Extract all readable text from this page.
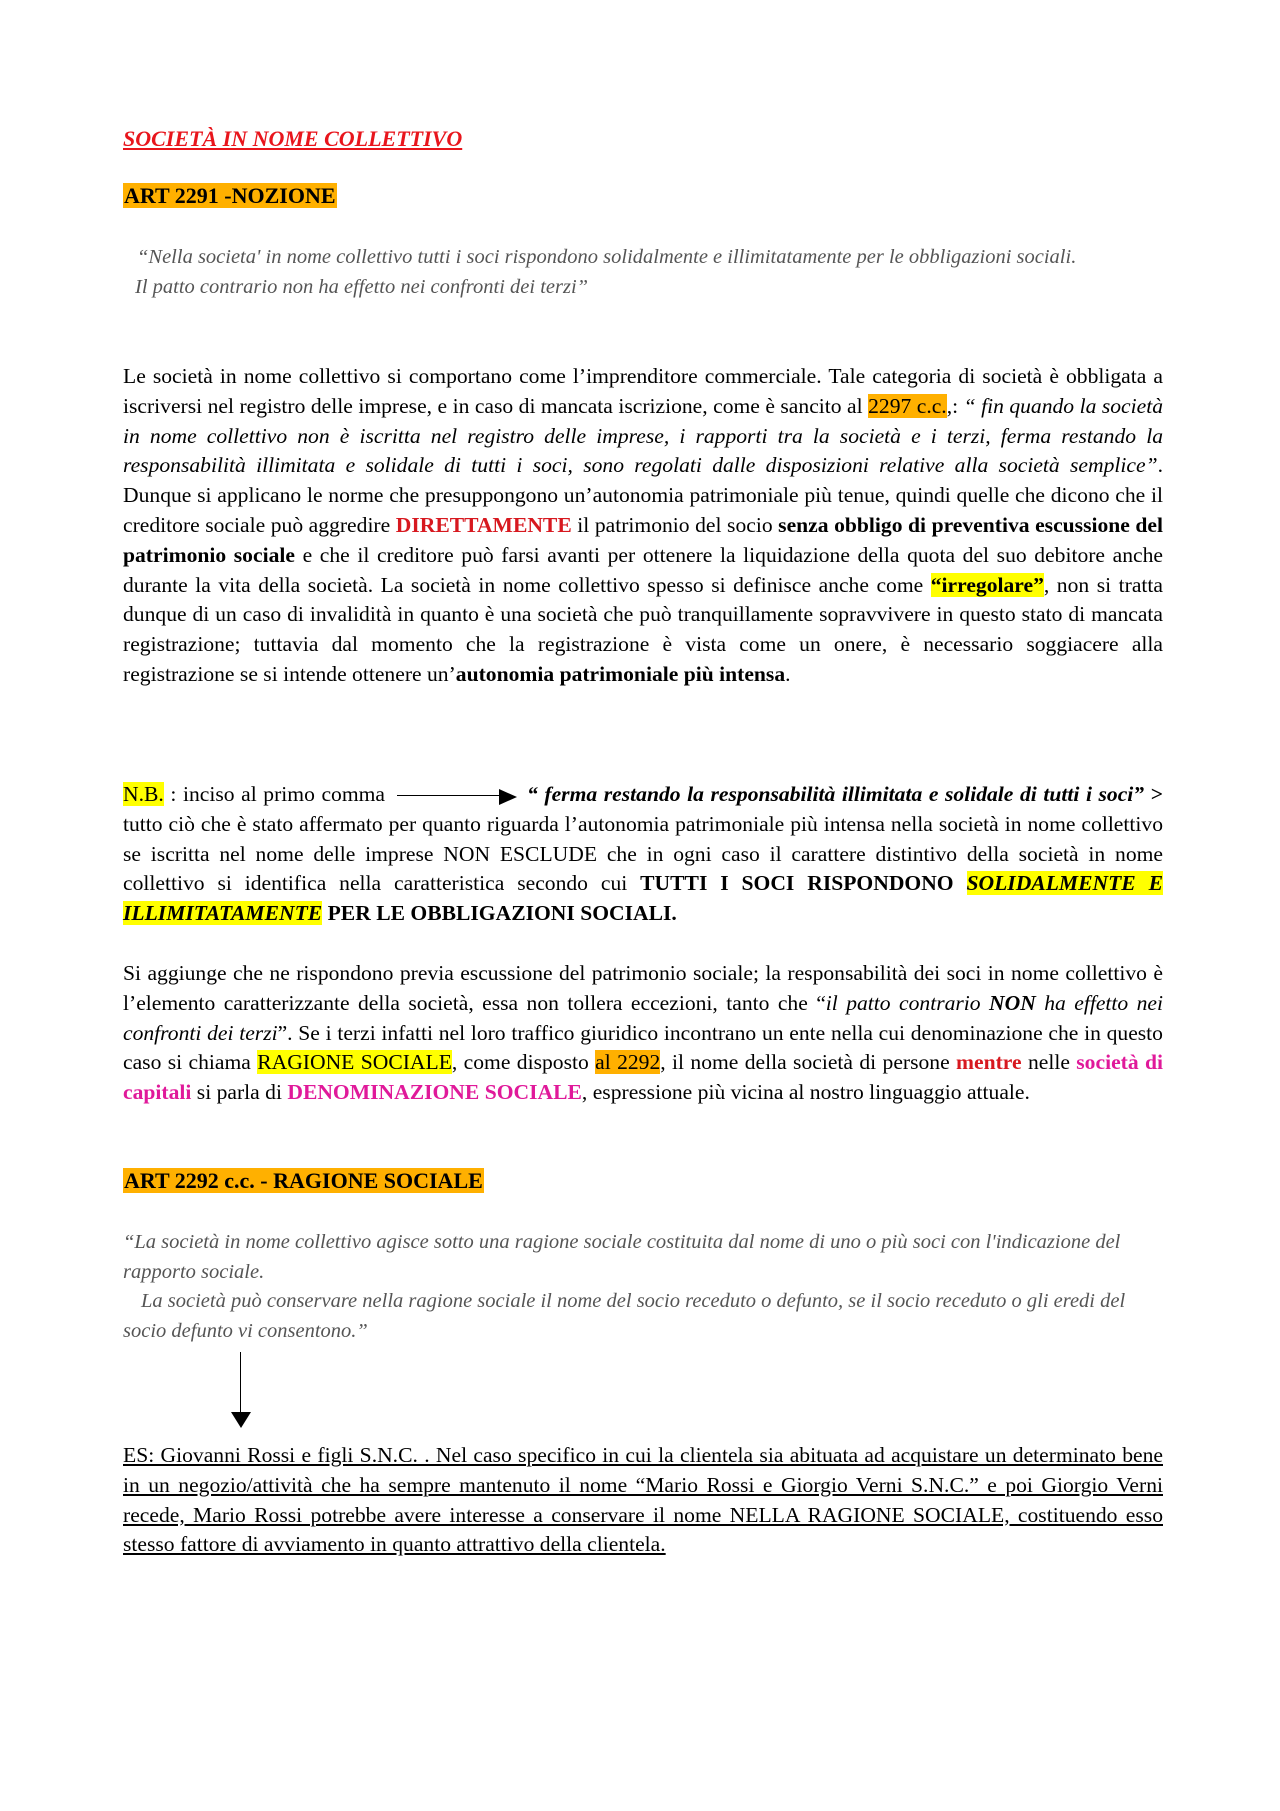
SOCIETÀ IN NOME COLLETTIVO

ART 2291 -NOZIONE

“Nella societa' in nome collettivo tutti i soci rispondono solidalmente e illimitatamente per le obbligazioni sociali.

Il patto contrario non ha effetto nei confronti dei terzi”

Le società in nome collettivo si comportano come l’imprenditore commerciale. Tale categoria di società è obbligata a iscriversi nel registro delle imprese, e in caso di mancata iscrizione, come è sancito al 2297 c.c.,: “ fin quando la società in nome collettivo non è iscritta nel registro delle imprese, i rapporti tra la società e i terzi, ferma restando la responsabilità illimitata e solidale di tutti i soci, sono regolati dalle disposizioni relative alla società semplice”. Dunque si applicano le norme che presuppongono un’autonomia patrimoniale più tenue, quindi quelle che dicono che il creditore sociale può aggredire DIRETTAMENTE il patrimonio del socio senza obbligo di preventiva escussione del patrimonio sociale e che il creditore può farsi avanti per ottenere la liquidazione della quota del suo debitore anche durante la vita della società. La società in nome collettivo spesso si definisce anche come “irregolare”, non si tratta dunque di un caso di invalidità in quanto è una società che può tranquillamente sopravvivere in questo stato di mancata registrazione; tuttavia dal momento che la registrazione è vista come un onere, è necessario soggiacere alla registrazione se si intende ottenere un’autonomia patrimoniale più intensa.

N.B. : inciso al primo comma	“ ferma restando la responsabilità illimitata e solidale di tutti i soci” > tutto ciò che è stato affermato per quanto riguarda l’autonomia patrimoniale più intensa nella società in nome collettivo se iscritta nel nome delle imprese NON ESCLUDE che in ogni caso il carattere distintivo della società in nome collettivo si identifica nella caratteristica secondo cui TUTTI I SOCI RISPONDONO SOLIDALMENTE E ILLIMITATAMENTE PER LE OBBLIGAZIONI SOCIALI.

Si aggiunge che ne rispondono previa escussione del patrimonio sociale; la responsabilità dei soci in nome collettivo è l’elemento caratterizzante della società, essa non tollera eccezioni, tanto che “il patto contrario NON ha effetto nei confronti dei terzi”. Se i terzi infatti nel loro traffico giuridico incontrano un ente nella cui denominazione che in questo caso si chiama RAGIONE SOCIALE, come disposto al 2292, il nome della società di persone mentre nelle società di capitali si parla di DENOMINAZIONE SOCIALE, espressione più vicina al nostro linguaggio attuale.

ART 2292 c.c. - RAGIONE SOCIALE

“La società in nome collettivo agisce sotto una ragione sociale costituita dal nome di uno o più soci con l'indicazione del rapporto sociale.

La società può conservare nella ragione sociale il nome del socio receduto o defunto, se il socio receduto o gli eredi del socio defunto vi consentono.”

ES: Giovanni Rossi e figli S.N.C. . Nel caso specifico in cui la clientela sia abituata ad acquistare un determinato bene in un negozio/attività che ha sempre mantenuto il nome “Mario Rossi e Giorgio Verni S.N.C.” e poi Giorgio Verni recede, Mario Rossi potrebbe avere interesse a conservare il nome NELLA RAGIONE SOCIALE, costituendo esso stesso fattore di avviamento in quanto attrattivo della clientela.
